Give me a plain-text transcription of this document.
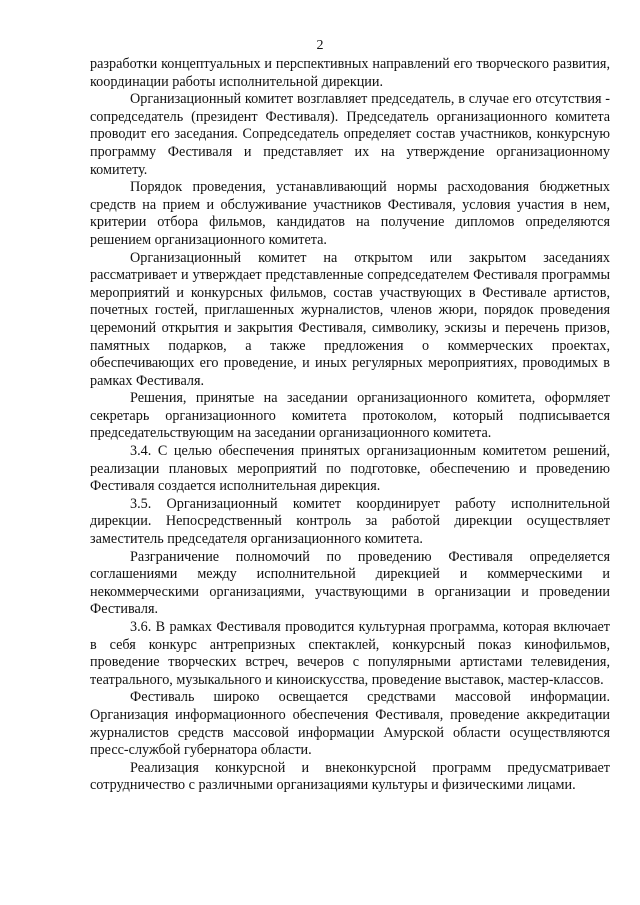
2

разработки концептуальных и перспективных направлений его творческого развития, координации работы исполнительной дирекции.

Организационный комитет возглавляет председатель, в случае его отсутствия - сопредседатель (президент Фестиваля). Председатель организационного комитета проводит его заседания. Сопредседатель определяет состав участников, конкурсную программу Фестиваля и представляет их на утверждение организационному комитету.

Порядок проведения, устанавливающий нормы расходования бюджетных средств на прием и обслуживание участников Фестиваля, условия участия в нем, критерии отбора фильмов, кандидатов на получение дипломов определяются решением организационного комитета.

Организационный комитет на открытом или закрытом заседаниях рассматривает и утверждает представленные сопредседателем Фестиваля программы мероприятий и конкурсных фильмов, состав участвующих в Фестивале артистов, почетных гостей, приглашенных журналистов, членов жюри, порядок проведения церемоний открытия и закрытия Фестиваля, символику, эскизы и перечень призов, памятных подарков, а также предложения о коммерческих проектах, обеспечивающих его проведение, и иных регулярных мероприятиях, проводимых в рамках Фестиваля.

Решения, принятые на заседании организационного комитета, оформляет секретарь организационного комитета протоколом, который подписывается председательствующим на заседании организационного комитета.

3.4. С целью обеспечения принятых организационным комитетом решений, реализации плановых мероприятий по подготовке, обеспечению и проведению Фестиваля создается исполнительная дирекция.

3.5. Организационный комитет координирует работу исполнительной дирекции. Непосредственный контроль за работой дирекции осуществляет заместитель председателя организационного комитета.

Разграничение полномочий по проведению Фестиваля определяется соглашениями между исполнительной дирекцией и коммерческими и некоммерческими организациями, участвующими в организации и проведении Фестиваля.

3.6. В рамках Фестиваля проводится культурная программа, которая включает в себя конкурс антрепризных спектаклей, конкурсный показ кинофильмов, проведение творческих встреч, вечеров с популярными артистами телевидения, театрального, музыкального и киноискусства, проведение выставок, мастер-классов.

Фестиваль широко освещается средствами массовой информации. Организация информационного обеспечения Фестиваля, проведение аккредитации журналистов средств массовой информации Амурской области осуществляются пресс-службой губернатора области.

Реализация конкурсной и внеконкурсной программ предусматривает сотрудничество с различными организациями культуры и физическими лицами.
